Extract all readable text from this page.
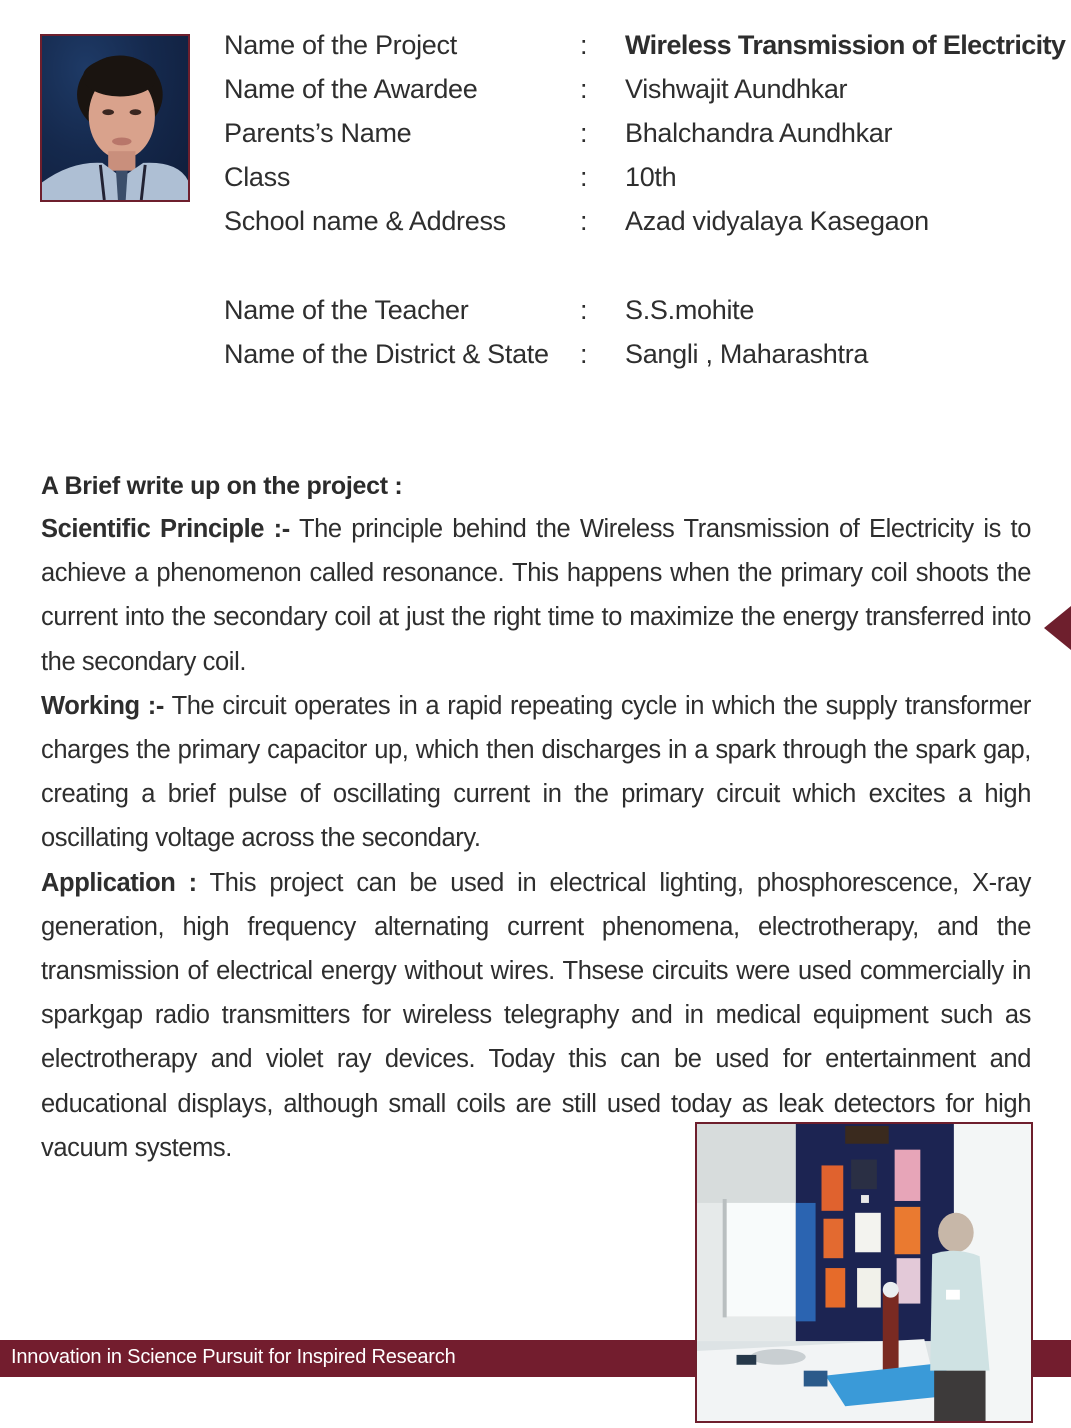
Name of the Project	: Wireless Transmission of Electricity
Name of the Awardee	: Vishwajit Aundhkar
Parents’s Name	: Bhalchandra Aundhkar
Class	: 10th
School name & Address	: Azad vidyalaya Kasegaon
Name of the Teacher	: S.S.mohite
Name of the District & State : Sangli , Maharashtra

A Brief write up on the project :

Scientific Principle :- The principle behind the Wireless Transmission of Electricity is to achieve a phenomenon called resonance. This happens when the primary coil shoots the current into the secondary coil at just the right time to maximize the energy transferred into the secondary coil.

Working :- The circuit operates in a rapid repeating cycle in which the supply transformer charges the primary capacitor up, which then discharges in a spark through the spark gap, creating a brief pulse of oscillating current in the primary circuit which excites a high oscillating voltage across the secondary.

Application : This project can be used in electrical lighting, phosphorescence, X-ray generation, high frequency alternating current phenomena, electrotherapy, and the transmission of electrical energy without wires. Thsese circuits were used commercially in sparkgap radio transmitters for wireless telegraphy and in medical equipment such as electrotherapy and violet ray devices. Today this can be used for entertainment and educational displays, although small coils are still used today as leak detectors for high vacuum systems.

Innovation in Science Pursuit for Inspired Research
